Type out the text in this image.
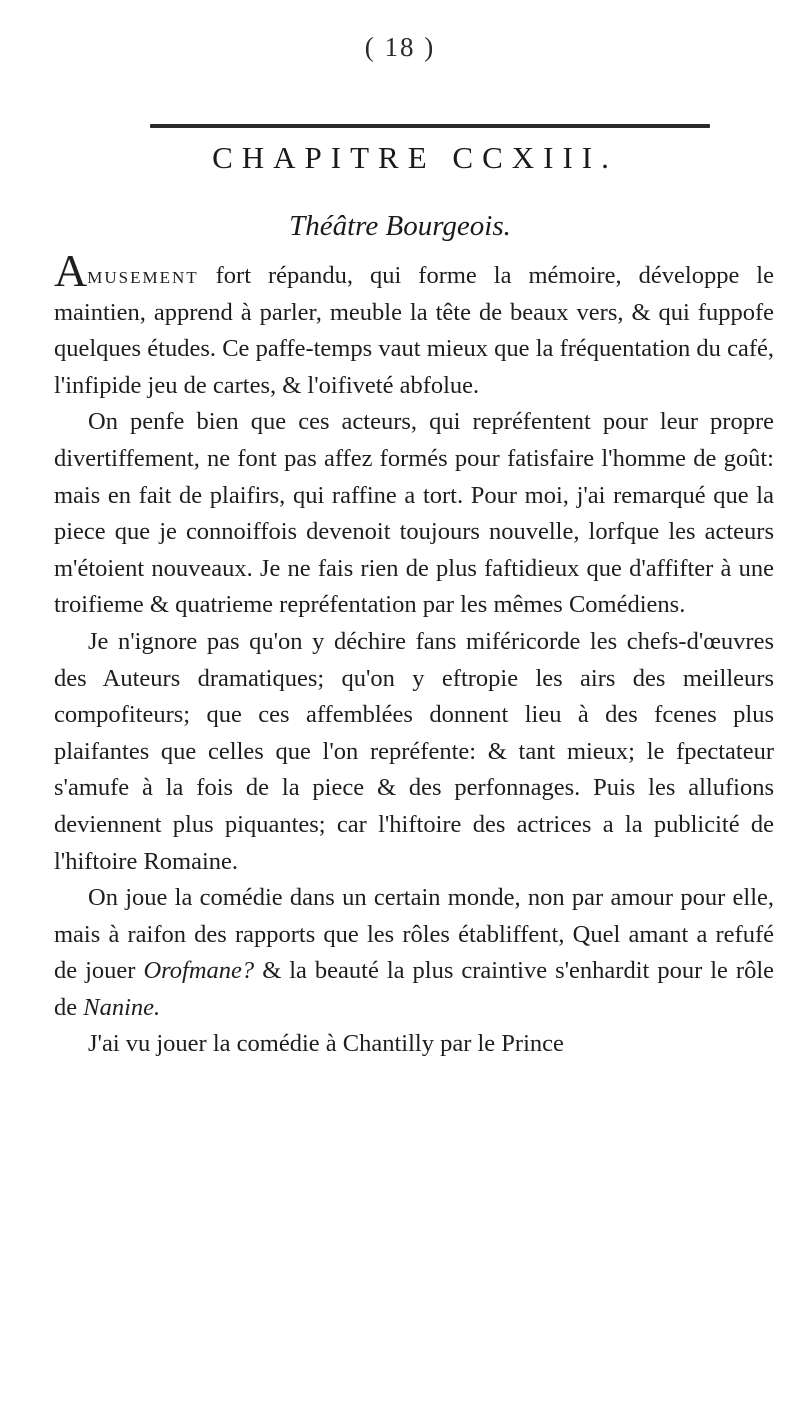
( 18 )
CHAPITRE CCXIII.
Théâtre Bourgeois.

Amusement fort répandu, qui forme la mémoire, développe le maintien, apprend à parler, meuble la tête de beaux vers, & qui fuppofe quelques études. Ce paffe-temps vaut mieux que la fréquentation du café, l'infipide jeu de cartes, & l'oifiveté abfolue.

On penfe bien que ces acteurs, qui repréfentent pour leur propre divertiffement, ne font pas affez formés pour fatisfaire l'homme de goût: mais en fait de plaifirs, qui raffine a tort. Pour moi, j'ai remarqué que la piece que je connoiffois devenoit toujours nouvelle, lorfque les acteurs m'étoient nouveaux. Je ne fais rien de plus faftidieux que d'affifter à une troifieme & quatrieme repréfentation par les mêmes Comédiens.

Je n'ignore pas qu'on y déchire fans miféricorde les chefs-d'œuvres des Auteurs dramatiques; qu'on y eftropie les airs des meilleurs compofiteurs; que ces affemblées donnent lieu à des fcenes plus plaifantes que celles que l'on repréfente: & tant mieux; le fpectateur s'amufe à la fois de la piece & des perfonnages. Puis les allufions deviennent plus piquantes; car l'hiftoire des actrices a la publicité de l'hiftoire Romaine.

On joue la comédie dans un certain monde, non par amour pour elle, mais à raifon des rapports que les rôles établiffent, Quel amant a refufé de jouer Orofmane? & la beauté la plus craintive s'enhardit pour le rôle de Nanine.

J'ai vu jouer la comédie à Chantilly par le Prince
